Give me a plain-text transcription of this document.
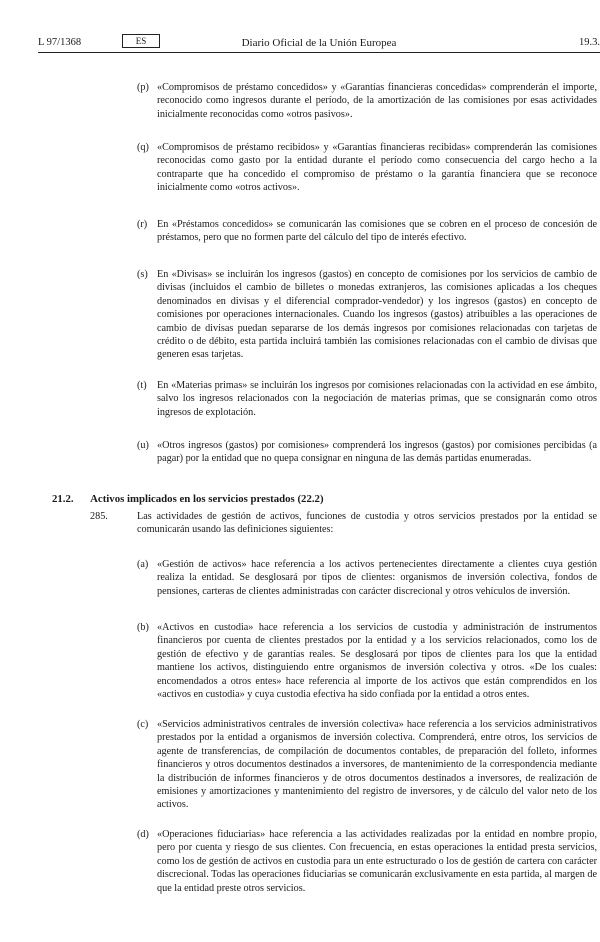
L 97/1368	ES	Diario Oficial de la Unión Europea	19.3.
(p) «Compromisos de préstamo concedidos» y «Garantías financieras concedidas» comprenderán el importe, reconocido como ingresos durante el período, de la amortización de las comisiones por esas actividades inicialmente reconocidas como «otros pasivos».
(q) «Compromisos de préstamo recibidos» y «Garantías financieras recibidas» comprenderán las comisiones reconocidas como gasto por la entidad durante el período como consecuencia del cargo hecho a la contraparte que ha concedido el compromiso de préstamo o la garantía financiera que se reconoce inicialmente como «otros activos».
(r) En «Préstamos concedidos» se comunicarán las comisiones que se cobren en el proceso de concesión de préstamos, pero que no formen parte del cálculo del tipo de interés efectivo.
(s) En «Divisas» se incluirán los ingresos (gastos) en concepto de comisiones por los servicios de cambio de divisas (incluidos el cambio de billetes o monedas extranjeros, las comisiones aplicadas a los cheques denominados en divisas y el diferencial comprador-vendedor) y los ingresos (gastos) en concepto de comisiones por operaciones internacionales. Cuando los ingresos (gastos) atribuibles a las operaciones de cambio de divisas puedan separarse de los demás ingresos por comisiones relacionadas con tarjetas de crédito o de débito, esta partida incluirá también las comisiones relacionadas con el cambio de divisas que generen esas tarjetas.
(t)	En «Materias primas» se incluirán los ingresos por comisiones relacionadas con la actividad en ese ámbito, salvo los ingresos relacionados con la negociación de materias primas, que se consignarán como otros ingresos de explotación.
(u) «Otros ingresos (gastos) por comisiones» comprenderá los ingresos (gastos) por comisiones percibidas (a pagar) por la entidad que no quepa consignar en ninguna de las demás partidas enumeradas.
21.2. Activos implicados en los servicios prestados (22.2)
285.	Las actividades de gestión de activos, funciones de custodia y otros servicios prestados por la entidad se comunicarán usando las definiciones siguientes:
(a) «Gestión de activos» hace referencia a los activos pertenecientes directamente a clientes cuya gestión realiza la entidad. Se desglosará por tipos de clientes: organismos de inversión colectiva, fondos de pensiones, carteras de clientes administradas con carácter discrecional y otros vehículos de inversión.
(b) «Activos en custodia» hace referencia a los servicios de custodia y administración de instrumentos financieros por cuenta de clientes prestados por la entidad y a los servicios relacionados, como los de gestión de efectivo y de garantías reales. Se desglosará por tipos de clientes para los que la entidad mantiene los activos, distinguiendo entre organismos de inversión colectiva y otros. «De los cuales: encomendados a otros entes» hace referencia al importe de los activos que están comprendidos en los «activos en custodia» y cuya custodia efectiva ha sido confiada por la entidad a otros entes.
(c) «Servicios administrativos centrales de inversión colectiva» hace referencia a los servicios administrativos prestados por la entidad a organismos de inversión colectiva. Comprenderá, entre otros, los servicios de agente de transferencias, de compilación de documentos contables, de preparación del folleto, informes financieros y otros documentos destinados a inversores, de mantenimiento de la correspondencia mediante la distribución de informes financieros y de otros documentos destinados a inversores, de realización de emisiones y amortizaciones y mantenimiento del registro de inversores, y de cálculo del valor neto de los activos.
(d) «Operaciones fiduciarias» hace referencia a las actividades realizadas por la entidad en nombre propio, pero por cuenta y riesgo de sus clientes. Con frecuencia, en estas operaciones la entidad presta servicios, como los de gestión de activos en custodia para un ente estructurado o los de gestión de cartera con carácter discrecional. Todas las operaciones fiduciarias se comunicarán exclusivamente en esta partida, al margen de que la entidad preste otros servicios.
